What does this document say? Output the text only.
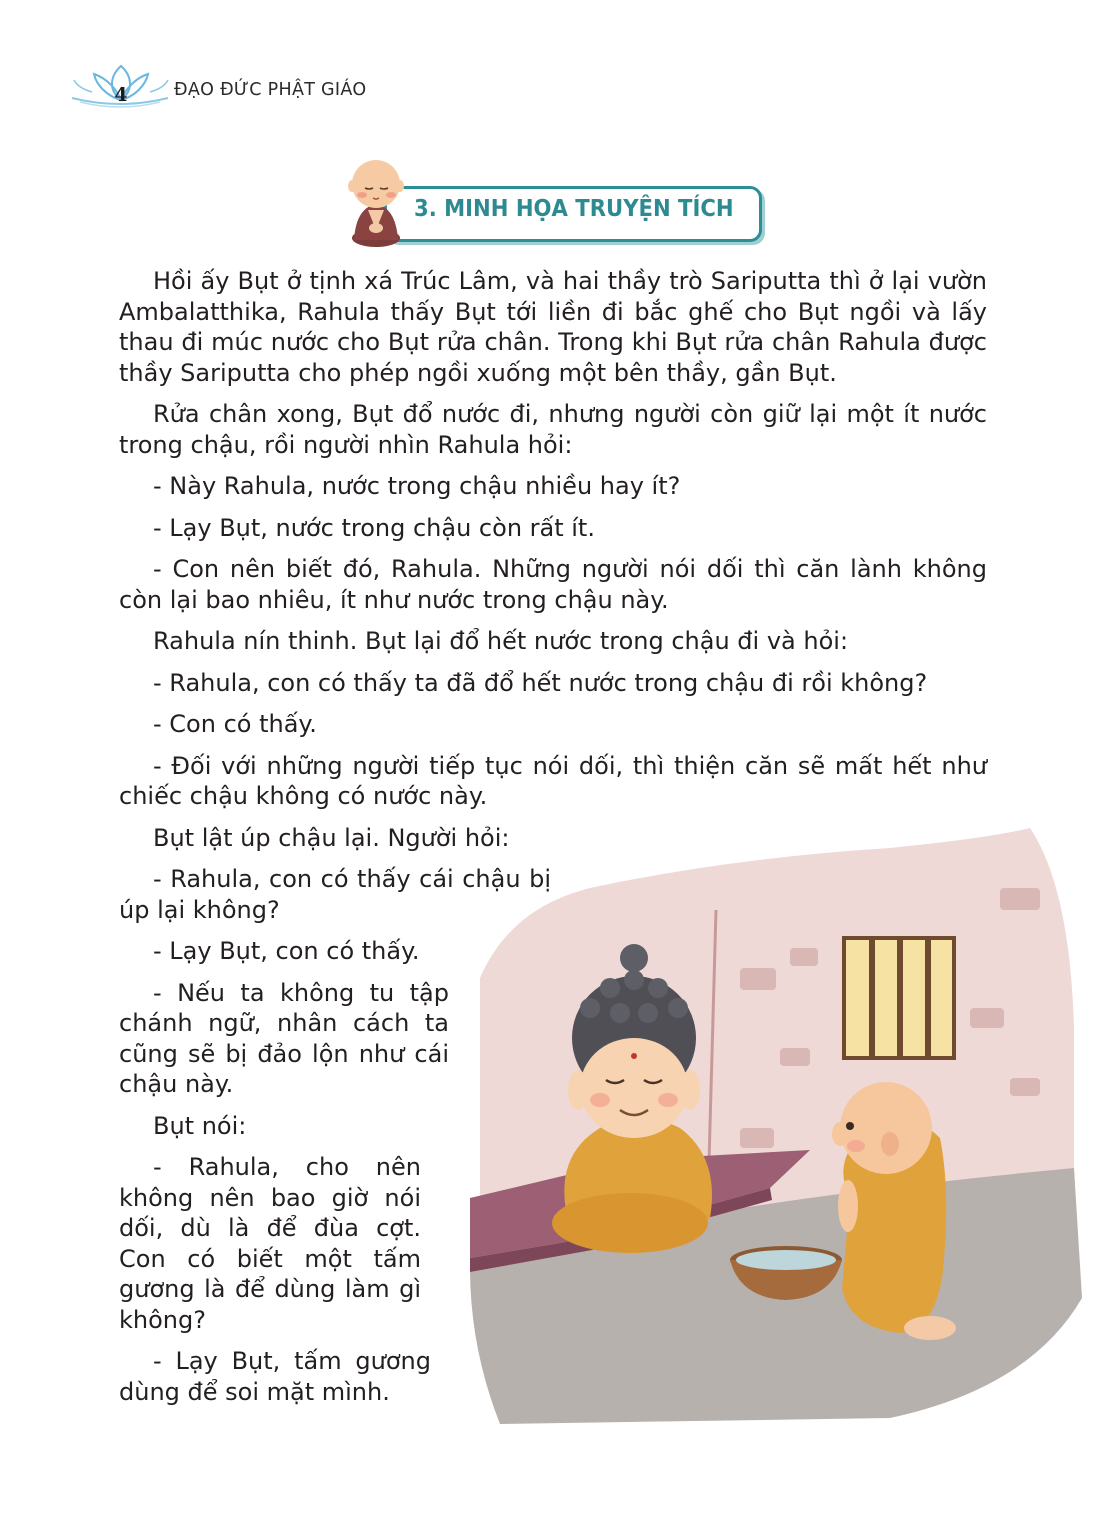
4	ĐẠO ĐỨC PHẬT GIÁO
3. MINH HỌA TRUYỆN TÍCH

Hồi ấy Bụt ở tịnh xá Trúc Lâm, và hai thầy trò Sariputta thì ở lại vườn Ambalatthika, Rahula thấy Bụt tới liền đi bắc ghế cho Bụt ngồi và lấy thau đi múc nước cho Bụt rửa chân. Trong khi Bụt rửa chân Rahula được thầy Sariputta cho phép ngồi xuống một bên thầy, gần Bụt.

Rửa chân xong, Bụt đổ nước đi, nhưng người còn giữ lại một ít nước trong chậu, rồi người nhìn Rahula hỏi:

- Này Rahula, nước trong chậu nhiều hay ít?

- Lạy Bụt, nước trong chậu còn rất ít.

- Con nên biết đó, Rahula. Những người nói dối thì căn lành không còn lại bao nhiêu, ít như nước trong chậu này.

Rahula nín thinh. Bụt lại đổ hết nước trong chậu đi và hỏi:

- Rahula, con có thấy ta đã đổ hết nước trong chậu đi rồi không?

- Con có thấy.

- Đối với những người tiếp tục nói dối, thì thiện căn sẽ mất hết như chiếc chậu không có nước này.

Bụt lật úp chậu lại. Người hỏi:

- Rahula, con có thấy cái chậu bị úp lại không?

- Lạy Bụt, con có thấy.

- Nếu ta không tu tập chánh ngữ, nhân cách ta cũng sẽ bị đảo lộn như cái chậu này.

Bụt nói:

- Rahula, cho nên không nên bao giờ nói dối, dù là để đùa cợt. Con có biết một tấm gương là để dùng làm gì không?

- Lạy Bụt, tấm gương dùng để soi mặt mình.
